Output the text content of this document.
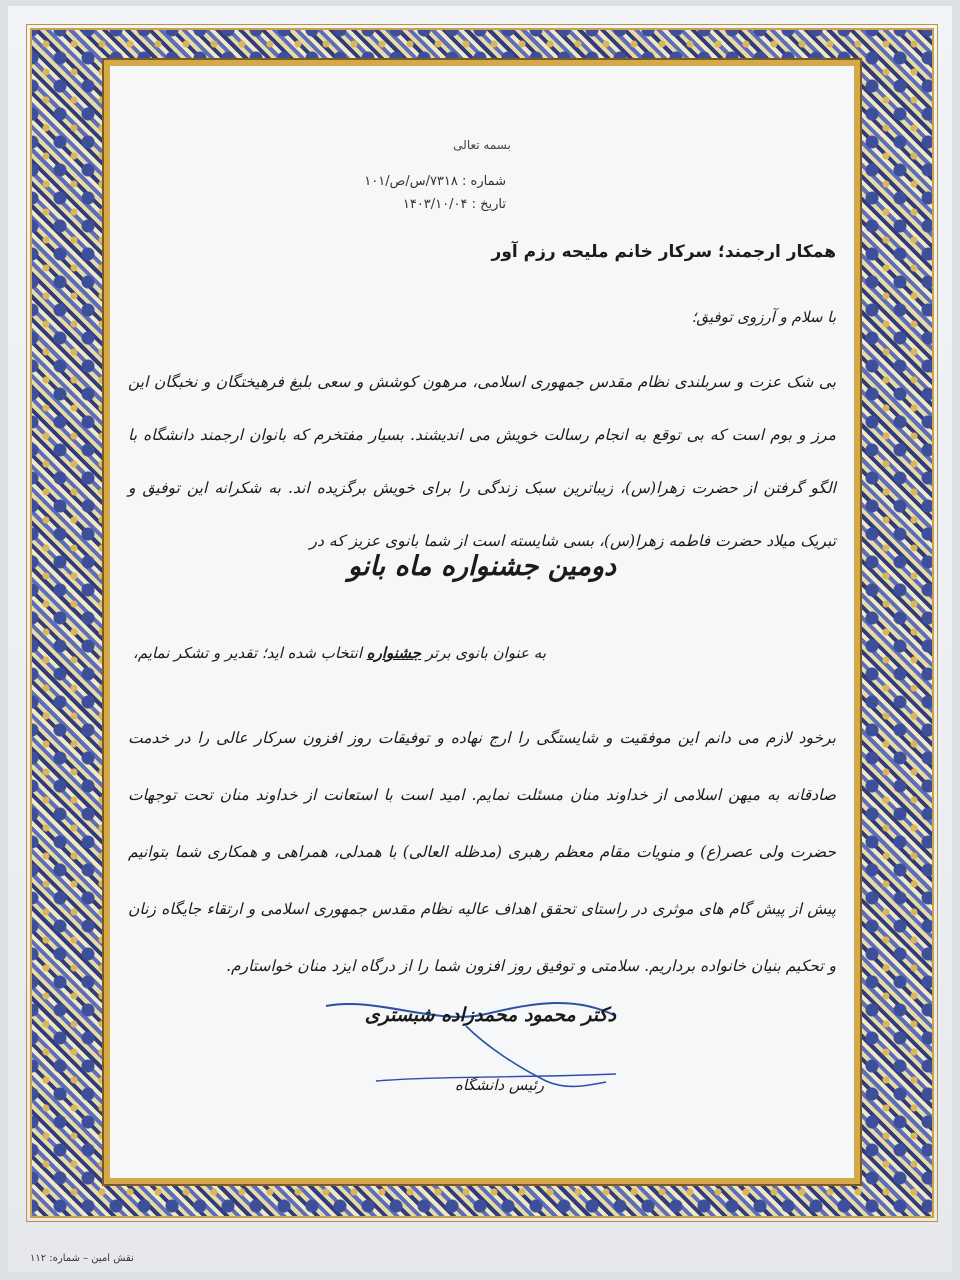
بسمه تعالی
شماره : ۷۳۱۸/س/ص/۱۰۱
تاریخ : ۱۴۰۳/۱۰/۰۴
همکار ارجمند؛ سرکار خانم ملیحه رزم آور
با سلام و آرزوی توفیق؛
بی شک عزت و سربلندی نظام مقدس جمهوری اسلامی، مرهون کوشش و سعی بلیغ فرهیختگان و نخبگان این مرز و بوم است که بی توقع به انجام رسالت خویش می اندیشند. بسیار مفتخرم که بانوان ارجمند دانشگاه با الگو گرفتن از حضرت زهرا(س)، زیباترین سبک زندگی را برای خویش برگزیده اند. به شکرانه این توفیق و تبریک میلاد حضرت فاطمه زهرا(س)، بسی شایسته است از شما بانوی عزیز که در
دومین جشنواره ماه بانو
به عنوان بانوی برتر جشنواره انتخاب شده اید؛ تقدیر و تشکر نمایم،
برخود لازم می دانم این موفقیت و شایستگی را ارج نهاده و توفیقات روز افزون سرکار عالی را در خدمت صادقانه به میهن اسلامی از خداوند منان مسئلت نمایم. امید است با استعانت از خداوند منان تحت توجهات حضرت ولی عصر(ع) و منویات مقام معظم رهبری (مدظله العالی) با همدلی، همراهی و همکاری شما بتوانیم پیش از پیش گام های موثری در راستای تحقق اهداف عالیه نظام مقدس جمهوری اسلامی و ارتقاء جایگاه زنان و تحکیم بنیان خانواده برداریم. سلامتی و توفیق روز افزون شما را از درگاه ایزد منان خواستارم.
دکتر محمود محمدزاده شبستری
رئیس دانشگاه
نقش امین – شماره: ۱۱۲
